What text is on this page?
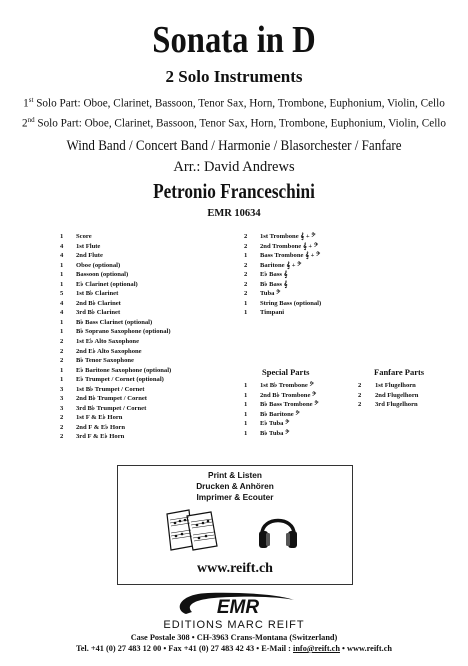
Sonata in D
2 Solo Instruments
1st Solo Part: Oboe, Clarinet, Bassoon, Tenor Sax, Horn, Trombone, Euphonium, Violin, Cello
2nd Solo Part: Oboe, Clarinet, Bassoon, Tenor Sax, Horn, Trombone, Euphonium, Violin, Cello
Wind Band / Concert Band / Harmonie / Blasorchester / Fanfare
Arr.: David Andrews
Petronio Franceschini
EMR 10634
1 Score
4 1st Flute
4 2nd Flute
1 Oboe (optional)
1 Bassoon (optional)
1 E♭ Clarinet (optional)
5 1st B♭ Clarinet
4 2nd B♭ Clarinet
4 3rd B♭ Clarinet
1 B♭ Bass Clarinet (optional)
1 B♭ Soprano Saxophone (optional)
2 1st E♭ Alto Saxophone
2 2nd E♭ Alto Saxophone
2 B♭ Tenor Saxophone
1 E♭ Baritone Saxophone (optional)
1 E♭ Trumpet / Cornet (optional)
3 1st B♭ Trumpet / Cornet
3 2nd B♭ Trumpet / Cornet
3 3rd B♭ Trumpet / Cornet
2 1st F & E♭ Horn
2 2nd F & E♭ Horn
2 3rd F & E♭ Horn
2 1st Trombone 𝄞 + 𝄢
2 2nd Trombone 𝄞 + 𝄢
1 Bass Trombone 𝄞 + 𝄢
2 Baritone 𝄞 + 𝄢
2 E♭ Bass 𝄞
2 B♭ Bass 𝄞
2 Tuba 𝄢
1 String Bass (optional)
1 Timpani
Special Parts	Fanfare Parts
1 1st B♭ Trombone 𝄢
1 2nd B♭ Trombone 𝄢
1 B♭ Bass Trombone 𝄢
1 B♭ Baritone 𝄢
1 E♭ Tuba 𝄢
1 B♭ Tuba 𝄢
2 1st Flugelhorn
2 2nd Flugelhorn
2 3rd Flugelhorn
Print & Listen
Drucken & Anhören
Imprimer & Ecouter
www.reift.ch
EMR
EDITIONS MARC REIFT
Case Postale 308 • CH-3963 Crans-Montana (Switzerland)
Tel. +41 (0) 27 483 12 00 • Fax +41 (0) 27 483 42 43 • E-Mail : info@reift.ch • www.reift.ch
